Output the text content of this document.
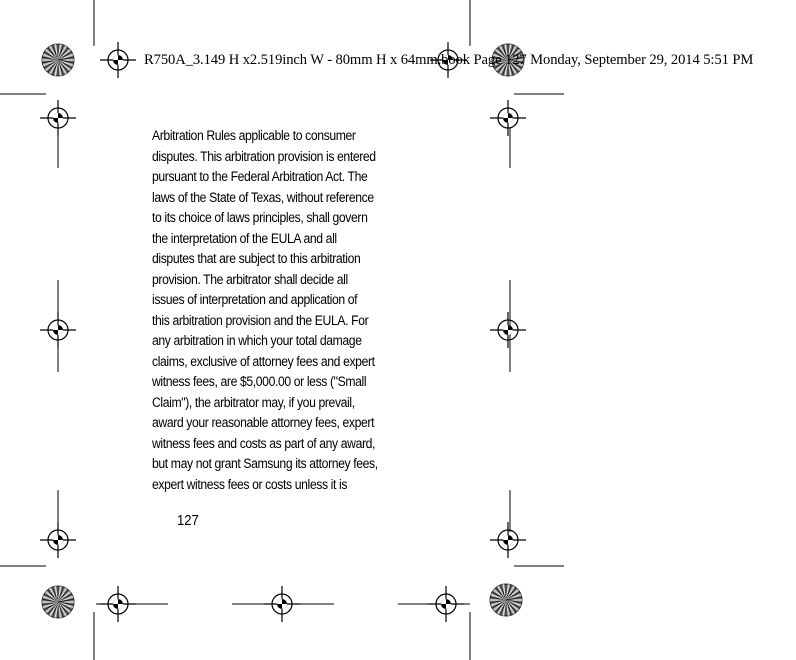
R750A_3.149 H x2.519inch W - 80mm H x 64mm.book Page 127 Monday, September 29, 2014 5:51 PM
Arbitration Rules applicable to consumer
disputes. This arbitration provision is entered
pursuant to the Federal Arbitration Act. The
laws of the State of Texas, without reference
to its choice of laws principles, shall govern
the interpretation of the EULA and all
disputes that are subject to this arbitration
provision. The arbitrator shall decide all
issues of interpretation and application of
this arbitration provision and the EULA. For
any arbitration in which your total damage
claims, exclusive of attorney fees and expert
witness fees, are $5,000.00 or less ("Small
Claim"), the arbitrator may, if you prevail,
award your reasonable attorney fees, expert
witness fees and costs as part of any award,
but may not grant Samsung its attorney fees,
expert witness fees or costs unless it is
127
